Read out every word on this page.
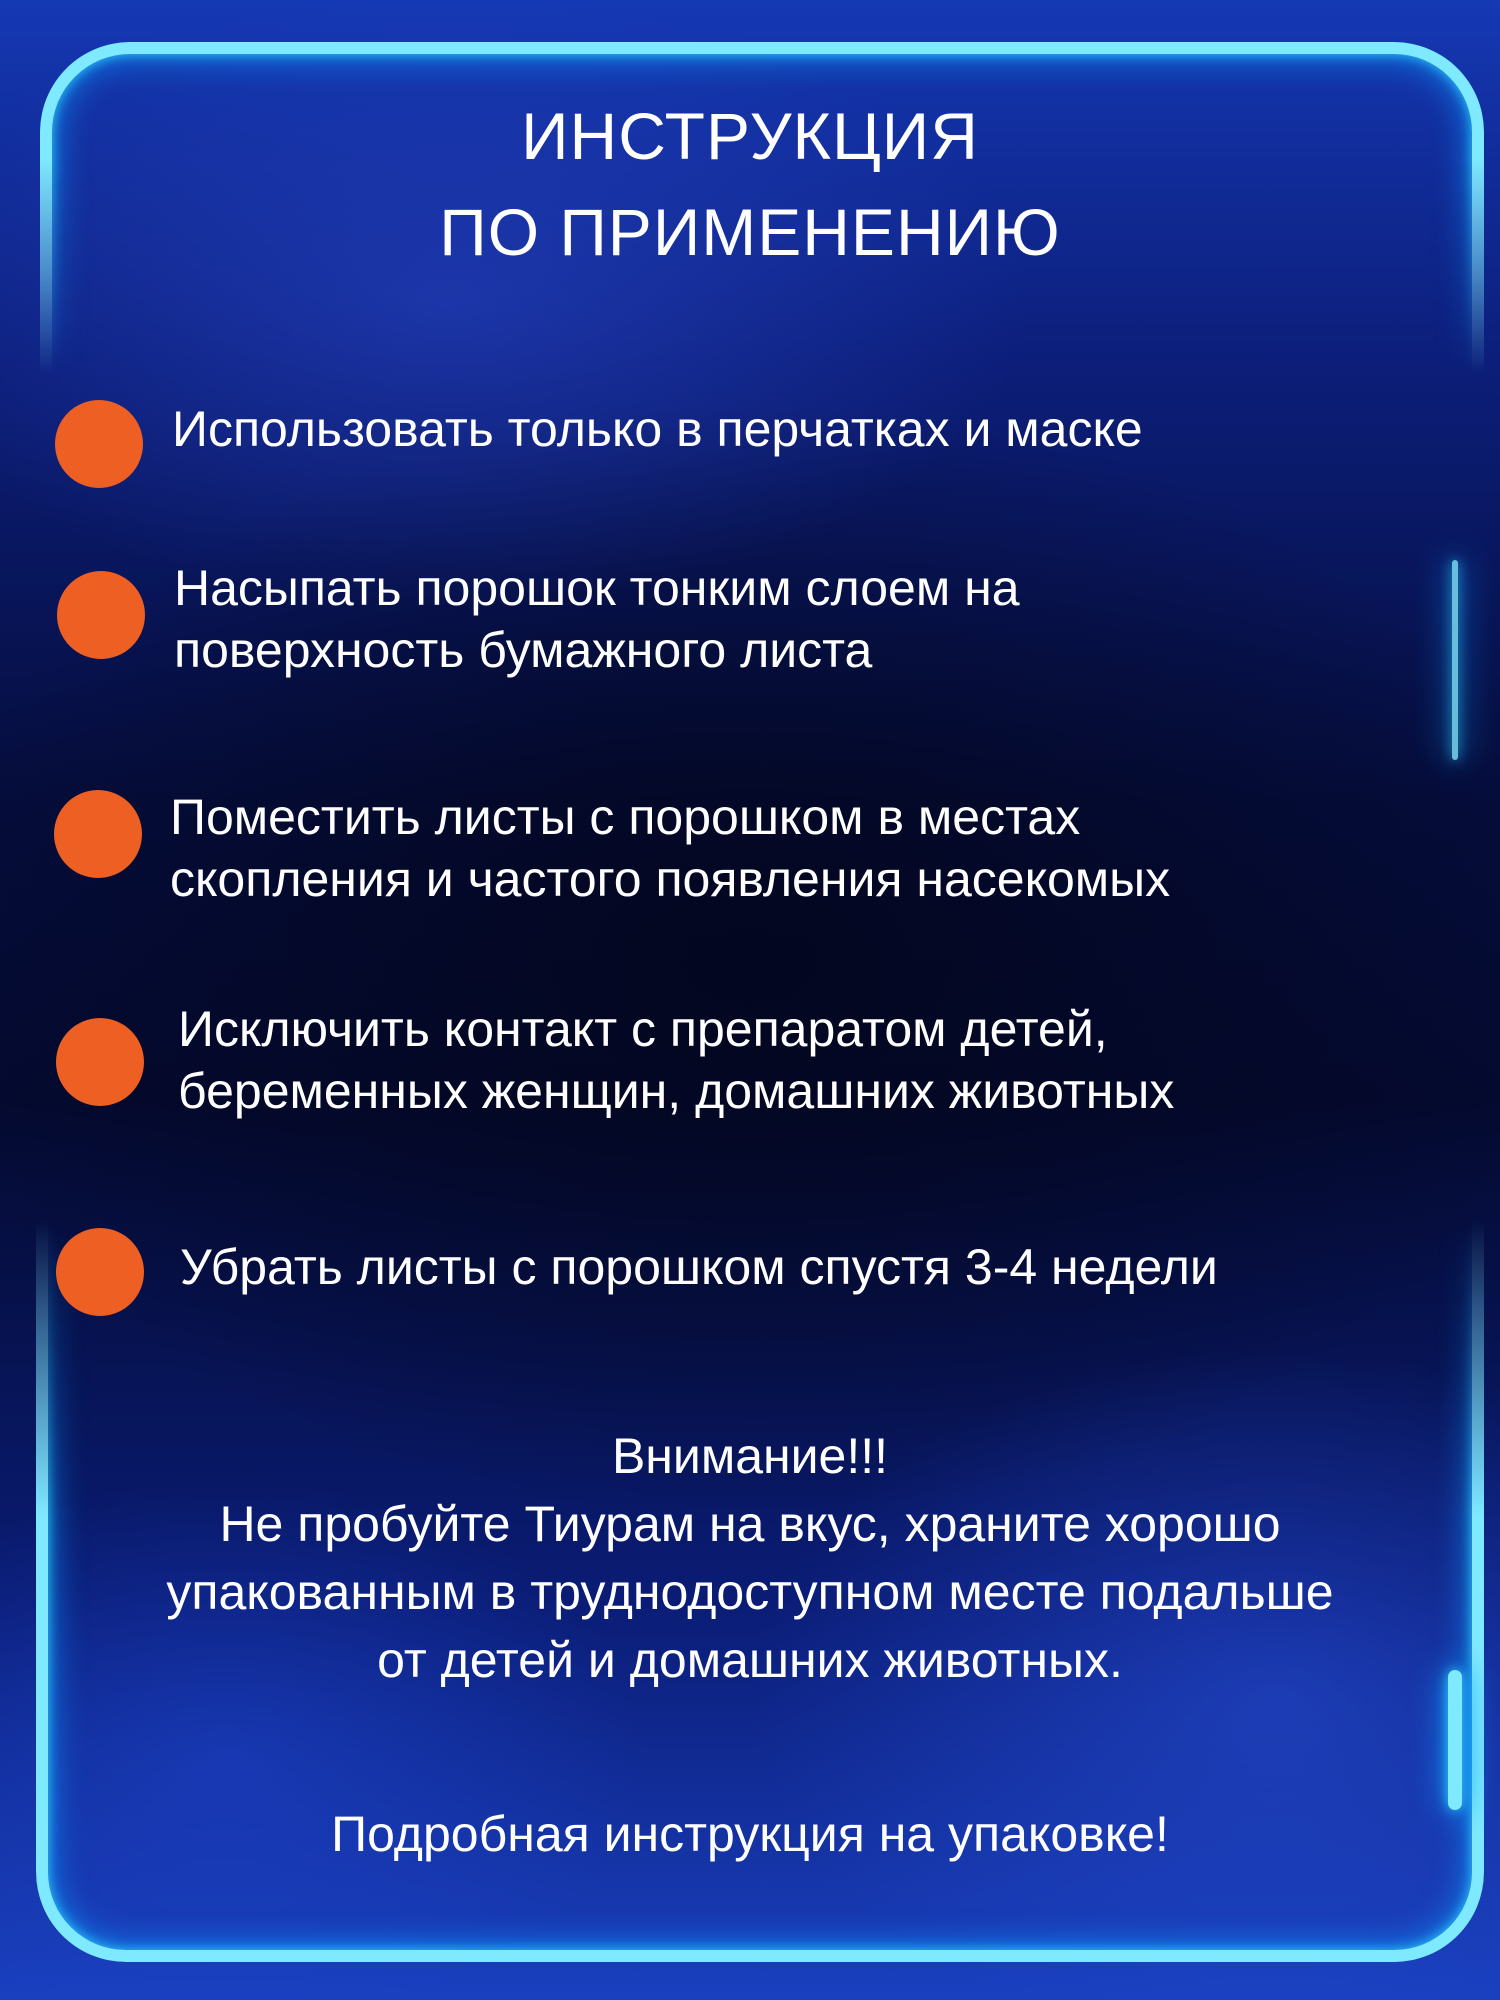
ИНСТРУКЦИЯ
ПО ПРИМЕНЕНИЮ

Использовать только в перчатках и маске

Насыпать порошок тонким слоем на
поверхность бумажного листа

Поместить листы с порошком в местах
скопления и частого появления насекомых

Исключить контакт с препаратом детей,
беременных женщин, домашних животных

Убрать листы с порошком спустя 3-4 недели

Внимание!!!
Не пробуйте Тиурам на вкус, храните хорошо
упакованным в труднодоступном месте подальше
от детей и домашних животных.

Подробная инструкция на упаковке!
